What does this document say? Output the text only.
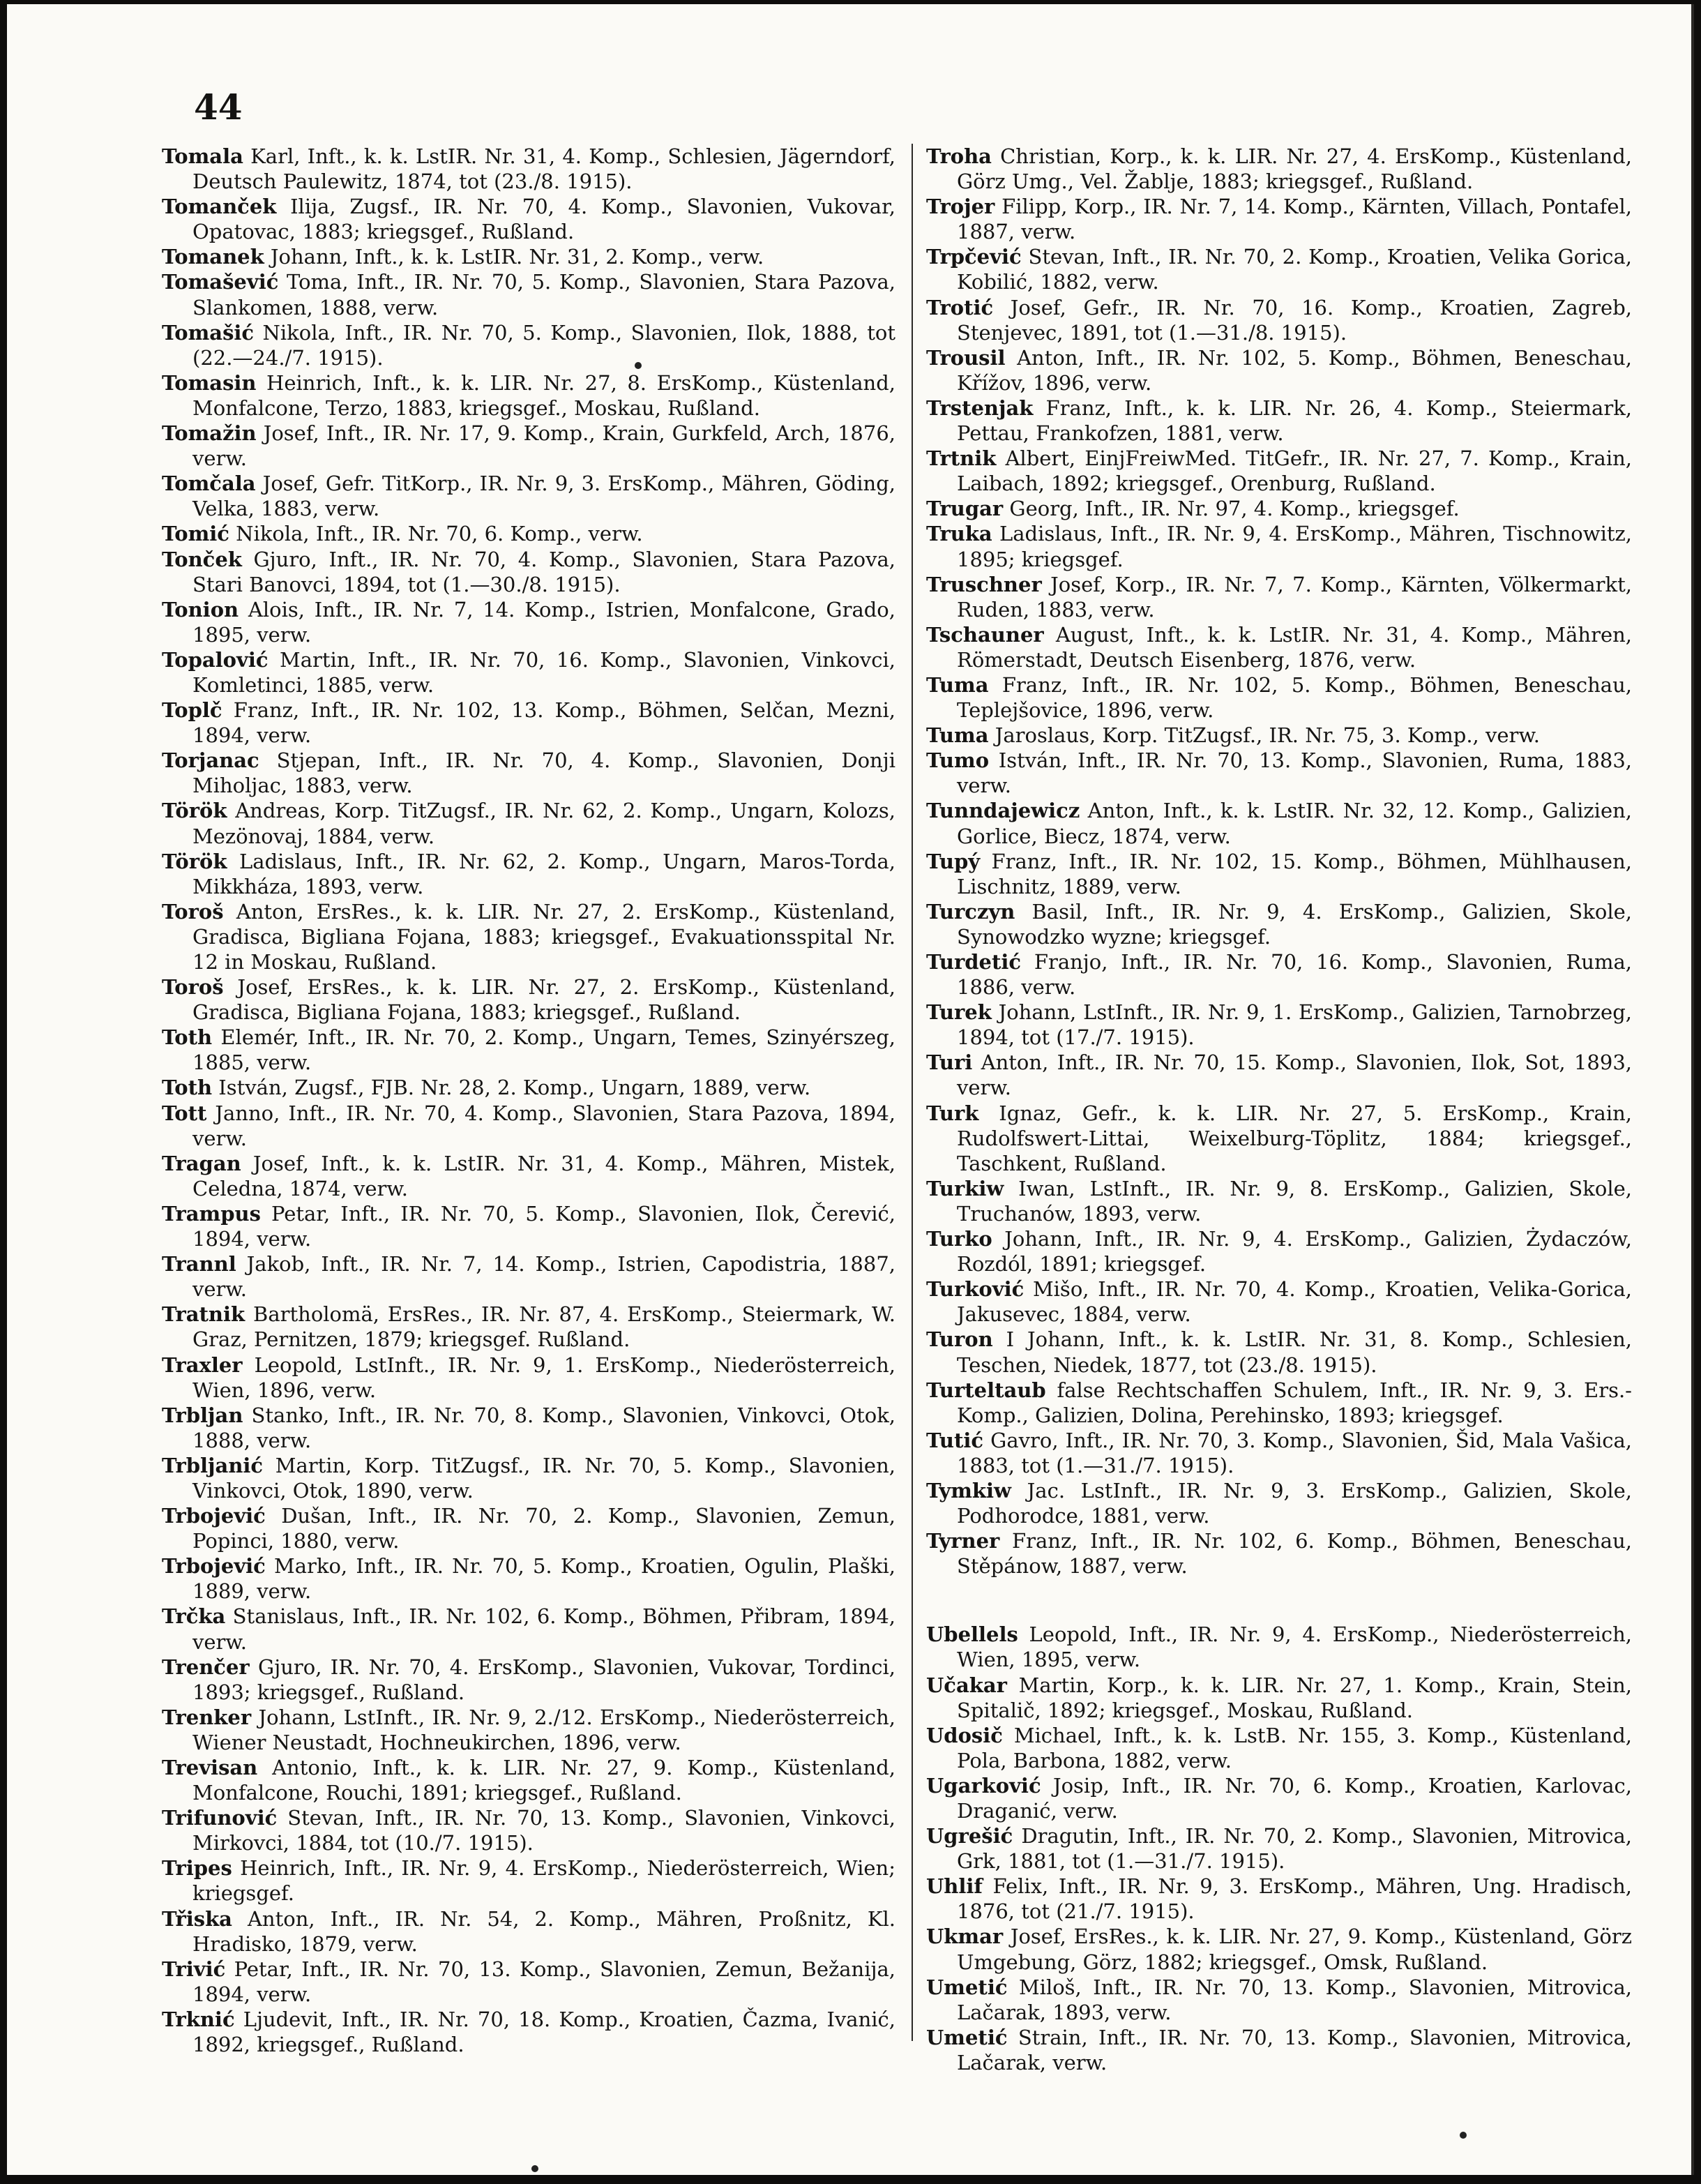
44

Tomala Karl, Inft., k. k. LstIR. Nr. 31, 4. Komp., Schlesien, Jägerndorf, Deutsch Paulewitz, 1874, tot (23./8. 1915).

Tomanček Ilija, Zugsf., IR. Nr. 70, 4. Komp., Slavonien, Vukovar, Opatovac, 1883; kriegsgef., Rußland.

Tomanek Johann, Inft., k. k. LstIR. Nr. 31, 2. Komp., verw.

Tomašević Toma, Inft., IR. Nr. 70, 5. Komp., Slavonien, Stara Pazova, Slankomen, 1888, verw.

Tomašić Nikola, Inft., IR. Nr. 70, 5. Komp., Slavonien, Ilok, 1888, tot (22.—24./7. 1915).

Tomasin Heinrich, Inft., k. k. LIR. Nr. 27, 8. ErsKomp., Küstenland, Monfalcone, Terzo, 1883, kriegsgef., Moskau, Rußland.

Tomažin Josef, Inft., IR. Nr. 17, 9. Komp., Krain, Gurkfeld, Arch, 1876, verw.

Tomčala Josef, Gefr. TitKorp., IR. Nr. 9, 3. ErsKomp., Mähren, Göding, Velka, 1883, verw.

Tomić Nikola, Inft., IR. Nr. 70, 6. Komp., verw.

Tonček Gjuro, Inft., IR. Nr. 70, 4. Komp., Slavonien, Stara Pazova, Stari Banovci, 1894, tot (1.—30./8. 1915).

Tonion Alois, Inft., IR. Nr. 7, 14. Komp., Istrien, Monfalcone, Grado, 1895, verw.

Topalović Martin, Inft., IR. Nr. 70, 16. Komp., Slavonien, Vinkovci, Komletinci, 1885, verw.

Toplč Franz, Inft., IR. Nr. 102, 13. Komp., Böhmen, Selčan, Mezni, 1894, verw.

Torjanac Stjepan, Inft., IR. Nr. 70, 4. Komp., Slavonien, Donji Miholjac, 1883, verw.

Török Andreas, Korp. TitZugsf., IR. Nr. 62, 2. Komp., Ungarn, Kolozs, Mezönovaj, 1884, verw.

Török Ladislaus, Inft., IR. Nr. 62, 2. Komp., Ungarn, Maros-Torda, Mikkháza, 1893, verw.

Toroš Anton, ErsRes., k. k. LIR. Nr. 27, 2. ErsKomp., Küstenland, Gradisca, Bigliana Fojana, 1883; kriegsgef., Evakuationsspital Nr. 12 in Moskau, Rußland.

Toroš Josef, ErsRes., k. k. LIR. Nr. 27, 2. ErsKomp., Küstenland, Gradisca, Bigliana Fojana, 1883; kriegsgef., Rußland.

Toth Elemér, Inft., IR. Nr. 70, 2. Komp., Ungarn, Temes, Szinyérszeg, 1885, verw.

Toth István, Zugsf., FJB. Nr. 28, 2. Komp., Ungarn, 1889, verw.

Tott Janno, Inft., IR. Nr. 70, 4. Komp., Slavonien, Stara Pazova, 1894, verw.

Tragan Josef, Inft., k. k. LstIR. Nr. 31, 4. Komp., Mähren, Mistek, Celedna, 1874, verw.

Trampus Petar, Inft., IR. Nr. 70, 5. Komp., Slavonien, Ilok, Čerević, 1894, verw.

Trannl Jakob, Inft., IR. Nr. 7, 14. Komp., Istrien, Capodistria, 1887, verw.

Tratnik Bartholomä, ErsRes., IR. Nr. 87, 4. ErsKomp., Steiermark, W. Graz, Pernitzen, 1879; kriegsgef. Rußland.

Traxler Leopold, LstInft., IR. Nr. 9, 1. ErsKomp., Niederösterreich, Wien, 1896, verw.

Trbljan Stanko, Inft., IR. Nr. 70, 8. Komp., Slavonien, Vinkovci, Otok, 1888, verw.

Trbljanić Martin, Korp. TitZugsf., IR. Nr. 70, 5. Komp., Slavonien, Vinkovci, Otok, 1890, verw.

Trbojević Dušan, Inft., IR. Nr. 70, 2. Komp., Slavonien, Zemun, Popinci, 1880, verw.

Trbojević Marko, Inft., IR. Nr. 70, 5. Komp., Kroatien, Ogulin, Plaški, 1889, verw.

Trčka Stanislaus, Inft., IR. Nr. 102, 6. Komp., Böhmen, Přibram, 1894, verw.

Trenčer Gjuro, IR. Nr. 70, 4. ErsKomp., Slavonien, Vukovar, Tordinci, 1893; kriegsgef., Rußland.

Trenker Johann, LstInft., IR. Nr. 9, 2./12. ErsKomp., Niederösterreich, Wiener Neustadt, Hochneukirchen, 1896, verw.

Trevisan Antonio, Inft., k. k. LIR. Nr. 27, 9. Komp., Küstenland, Monfalcone, Rouchi, 1891; kriegsgef., Rußland.

Trifunović Stevan, Inft., IR. Nr. 70, 13. Komp., Slavonien, Vinkovci, Mirkovci, 1884, tot (10./7. 1915).

Tripes Heinrich, Inft., IR. Nr. 9, 4. ErsKomp., Niederösterreich, Wien; kriegsgef.

Třiska Anton, Inft., IR. Nr. 54, 2. Komp., Mähren, Proßnitz, Kl. Hradisko, 1879, verw.

Trivić Petar, Inft., IR. Nr. 70, 13. Komp., Slavonien, Zemun, Bežanija, 1894, verw.

Trknić Ljudevit, Inft., IR. Nr. 70, 18. Komp., Kroatien, Čazma, Ivanić, 1892, kriegsgef., Rußland.

Troha Christian, Korp., k. k. LIR. Nr. 27, 4. ErsKomp., Küstenland, Görz Umg., Vel. Žablje, 1883; kriegsgef., Rußland.

Trojer Filipp, Korp., IR. Nr. 7, 14. Komp., Kärnten, Villach, Pontafel, 1887, verw.

Trpčević Stevan, Inft., IR. Nr. 70, 2. Komp., Kroatien, Velika Gorica, Kobilić, 1882, verw.

Trotić Josef, Gefr., IR. Nr. 70, 16. Komp., Kroatien, Zagreb, Stenjevec, 1891, tot (1.—31./8. 1915).

Trousil Anton, Inft., IR. Nr. 102, 5. Komp., Böhmen, Beneschau, Křížov, 1896, verw.

Trstenjak Franz, Inft., k. k. LIR. Nr. 26, 4. Komp., Steiermark, Pettau, Frankofzen, 1881, verw.

Trtnik Albert, EinjFreiwMed. TitGefr., IR. Nr. 27, 7. Komp., Krain, Laibach, 1892; kriegsgef., Orenburg, Rußland.

Trugar Georg, Inft., IR. Nr. 97, 4. Komp., kriegsgef.

Truka Ladislaus, Inft., IR. Nr. 9, 4. ErsKomp., Mähren, Tischnowitz, 1895; kriegsgef.

Truschner Josef, Korp., IR. Nr. 7, 7. Komp., Kärnten, Völkermarkt, Ruden, 1883, verw.

Tschauner August, Inft., k. k. LstIR. Nr. 31, 4. Komp., Mähren, Römerstadt, Deutsch Eisenberg, 1876, verw.

Tuma Franz, Inft., IR. Nr. 102, 5. Komp., Böhmen, Beneschau, Teplejšovice, 1896, verw.

Tuma Jaroslaus, Korp. TitZugsf., IR. Nr. 75, 3. Komp., verw.

Tumo István, Inft., IR. Nr. 70, 13. Komp., Slavonien, Ruma, 1883, verw.

Tunndajewicz Anton, Inft., k. k. LstIR. Nr. 32, 12. Komp., Galizien, Gorlice, Biecz, 1874, verw.

Tupý Franz, Inft., IR. Nr. 102, 15. Komp., Böhmen, Mühlhausen, Lischnitz, 1889, verw.

Turczyn Basil, Inft., IR. Nr. 9, 4. ErsKomp., Galizien, Skole, Synowodzko wyzne; kriegsgef.

Turdetić Franjo, Inft., IR. Nr. 70, 16. Komp., Slavonien, Ruma, 1886, verw.

Turek Johann, LstInft., IR. Nr. 9, 1. ErsKomp., Galizien, Tarnobrzeg, 1894, tot (17./7. 1915).

Turi Anton, Inft., IR. Nr. 70, 15. Komp., Slavonien, Ilok, Sot, 1893, verw.

Turk Ignaz, Gefr., k. k. LIR. Nr. 27, 5. ErsKomp., Krain, Rudolfswert-Littai, Weixelburg-Töplitz, 1884; kriegsgef., Taschkent, Rußland.

Turkiw Iwan, LstInft., IR. Nr. 9, 8. ErsKomp., Galizien, Skole, Truchanów, 1893, verw.

Turko Johann, Inft., IR. Nr. 9, 4. ErsKomp., Galizien, Żydaczów, Rozdól, 1891; kriegsgef.

Turković Mišo, Inft., IR. Nr. 70, 4. Komp., Kroatien, Velika-Gorica, Jakusevec, 1884, verw.

Turon I Johann, Inft., k. k. LstIR. Nr. 31, 8. Komp., Schlesien, Teschen, Niedek, 1877, tot (23./8. 1915).

Turteltaub false Rechtschaffen Schulem, Inft., IR. Nr. 9, 3. Ers.-Komp., Galizien, Dolina, Perehinsko, 1893; kriegsgef.

Tutić Gavro, Inft., IR. Nr. 70, 3. Komp., Slavonien, Šid, Mala Vašica, 1883, tot (1.—31./7. 1915).

Tymkiw Jac. LstInft., IR. Nr. 9, 3. ErsKomp., Galizien, Skole, Podhorodce, 1881, verw.

Tyrner Franz, Inft., IR. Nr. 102, 6. Komp., Böhmen, Beneschau, Stěpánow, 1887, verw.

Ubellels Leopold, Inft., IR. Nr. 9, 4. ErsKomp., Niederösterreich, Wien, 1895, verw.

Učakar Martin, Korp., k. k. LIR. Nr. 27, 1. Komp., Krain, Stein, Spitalič, 1892; kriegsgef., Moskau, Rußland.

Udosič Michael, Inft., k. k. LstB. Nr. 155, 3. Komp., Küstenland, Pola, Barbona, 1882, verw.

Ugarković Josip, Inft., IR. Nr. 70, 6. Komp., Kroatien, Karlovac, Draganić, verw.

Ugrešić Dragutin, Inft., IR. Nr. 70, 2. Komp., Slavonien, Mitrovica, Grk, 1881, tot (1.—31./7. 1915).

Uhlif Felix, Inft., IR. Nr. 9, 3. ErsKomp., Mähren, Ung. Hradisch, 1876, tot (21./7. 1915).

Ukmar Josef, ErsRes., k. k. LIR. Nr. 27, 9. Komp., Küstenland, Görz Umgebung, Görz, 1882; kriegsgef., Omsk, Rußland.

Umetić Miloš, Inft., IR. Nr. 70, 13. Komp., Slavonien, Mitrovica, Lačarak, 1893, verw.

Umetić Strain, Inft., IR. Nr. 70, 13. Komp., Slavonien, Mitrovica, Lačarak, verw.
